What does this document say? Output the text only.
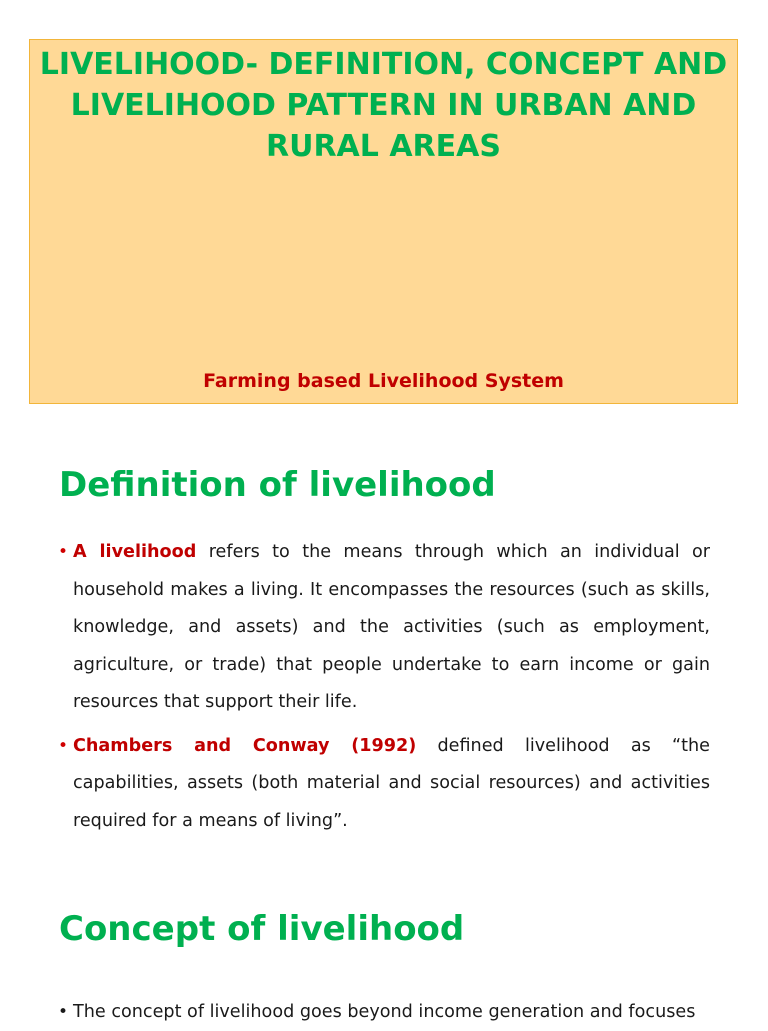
LIVELIHOOD- DEFINITION, CONCEPT AND LIVELIHOOD PATTERN IN URBAN AND RURAL AREAS
Farming based Livelihood System
Definition of livelihood
• A livelihood refers to the means through which an individual or household makes a living. It encompasses the resources (such as skills, knowledge, and assets) and the activities (such as employment, agriculture, or trade) that people undertake to earn income or gain resources that support their life.
• Chambers and Conway (1992) defined livelihood as “the capabilities, assets (both material and social resources) and activities required for a means of living”.
Concept of livelihood
• The concept of livelihood goes beyond income generation and focuses
